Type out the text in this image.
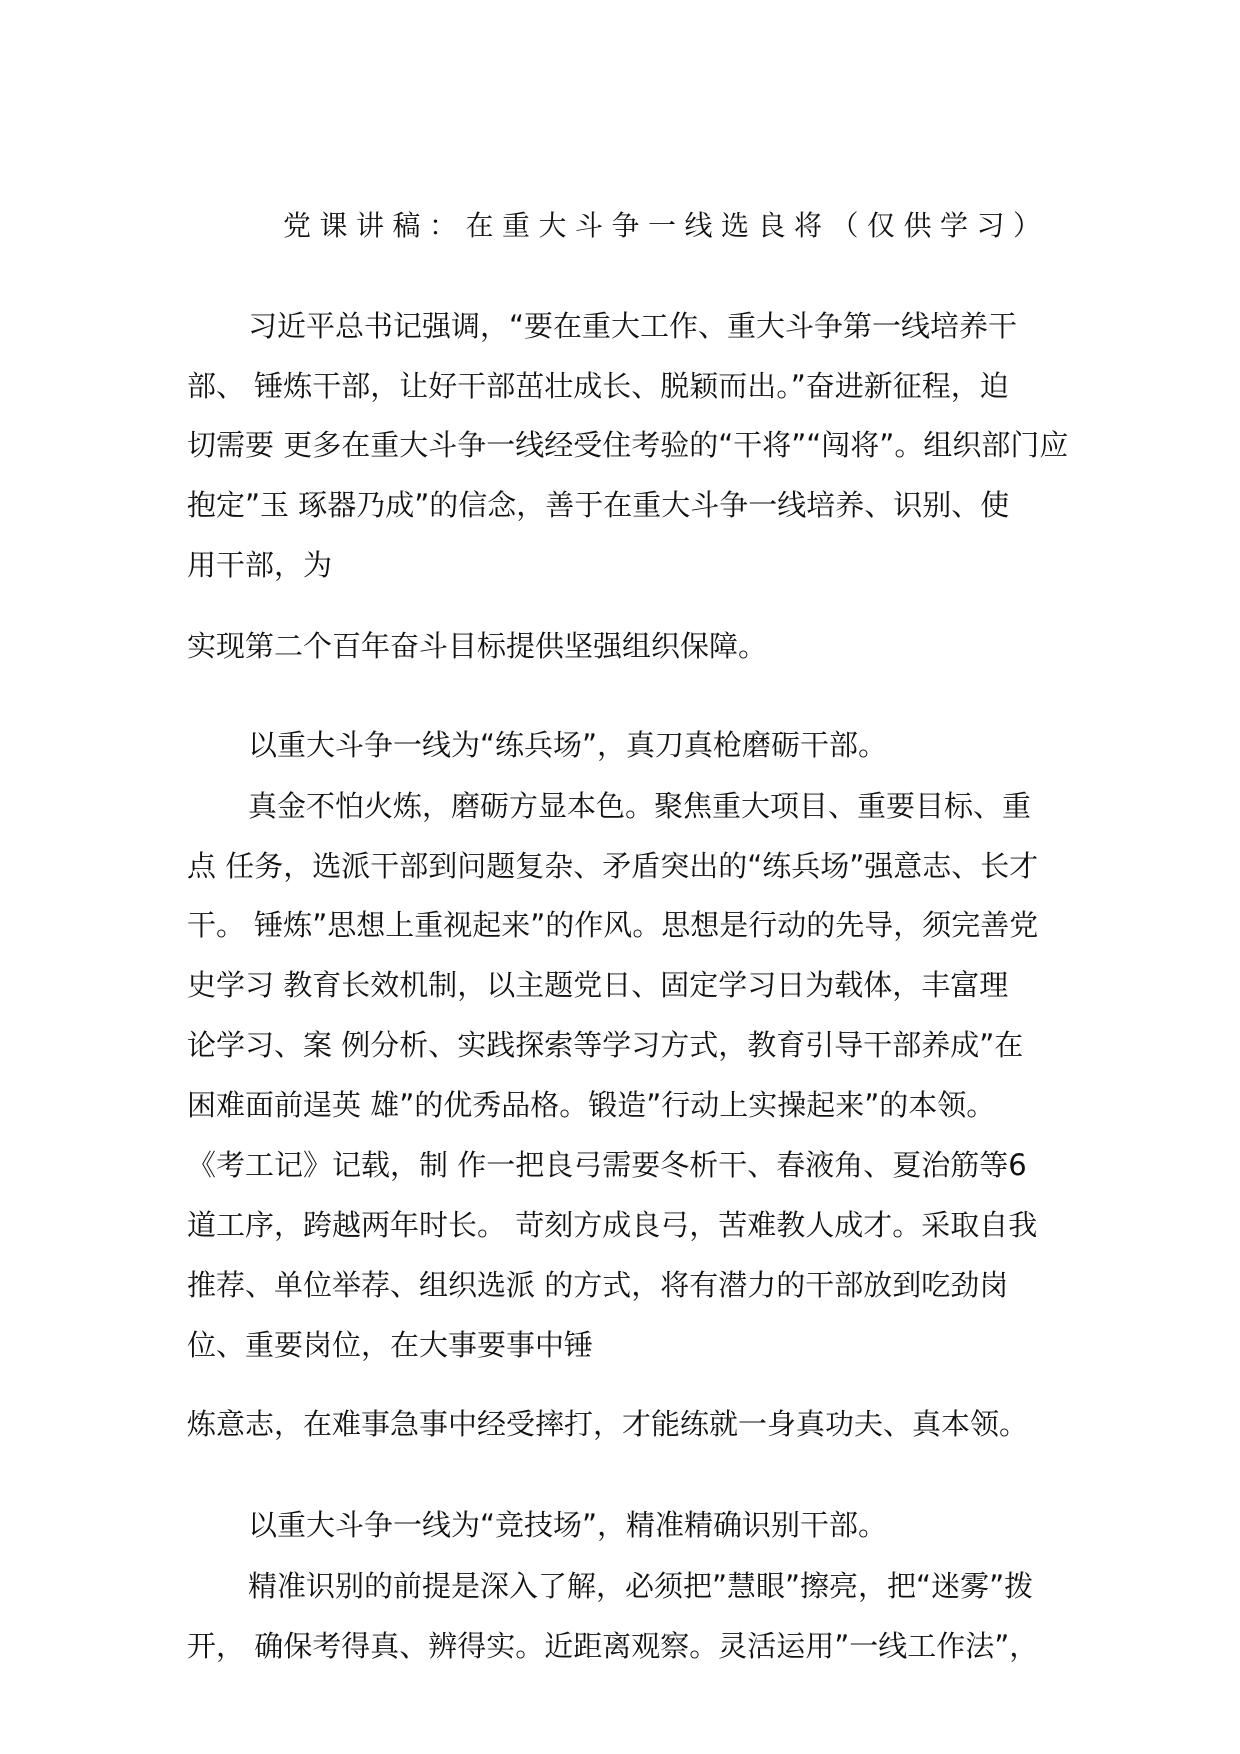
党课讲稿：在重大斗争一线选良将（仅供学习）
习近平总书记强调，“要在重大工作、重大斗争第一线培养干
部、 锤炼干部，让好干部茁壮成长、脱颖而出。”奋进新征程，迫
切需要 更多在重大斗争一线经受住考验的“干将”“闯将”。组织部门应
抱定”玉 琢器乃成”的信念，善于在重大斗争一线培养、识别、使
用干部，为
实现第二个百年奋斗目标提供坚强组织保障。
以重大斗争一线为“练兵场”，真刀真枪磨砺干部。
真金不怕火炼，磨砺方显本色。聚焦重大项目、重要目标、重
点 任务，选派干部到问题复杂、矛盾突出的“练兵场”强意志、长才
干。 锤炼”思想上重视起来”的作风。思想是行动的先导，须完善党
史学习 教育长效机制，以主题党日、固定学习日为载体，丰富理
论学习、案 例分析、实践探索等学习方式，教育引导干部养成”在
困难面前逞英 雄”的优秀品格。锻造”行动上实操起来”的本领。
《考工记》记载，制 作一把良弓需要冬析干、春液角、夏治筋等6
道工序，跨越两年时长。 苛刻方成良弓，苦难教人成才。采取自我
推荐、单位举荐、组织选派 的方式，将有潜力的干部放到吃劲岗
位、重要岗位，在大事要事中锤
炼意志，在难事急事中经受摔打，才能练就一身真功夫、真本领。
以重大斗争一线为“竞技场”，精准精确识别干部。
精准识别的前提是深入了解，必须把”慧眼”擦亮，把“迷雾”拨
开， 确保考得真、辨得实。近距离观察。灵活运用”一线工作法”，
